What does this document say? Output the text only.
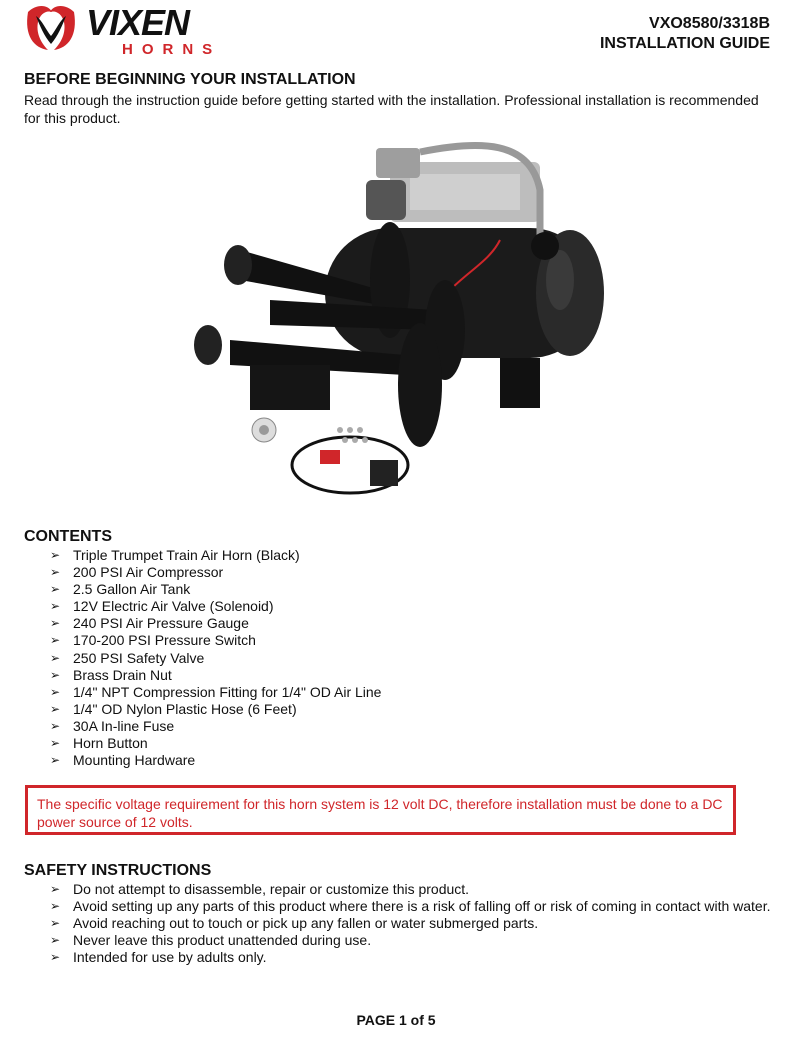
VIXEN
HORNS
VXO8580/3318B
INSTALLATION GUIDE
BEFORE BEGINNING YOUR INSTALLATION

Read through the instruction guide before getting started with the installation. Professional installation is recommended for this product.

CONTENTS
➢ Triple Trumpet Train Air Horn (Black)
➢ 200 PSI Air Compressor
➢ 2.5 Gallon Air Tank
➢ 12V Electric Air Valve (Solenoid)
➢ 240 PSI Air Pressure Gauge
➢ 170-200 PSI Pressure Switch
➢ 250 PSI Safety Valve
➢ Brass Drain Nut
➢ 1/4" NPT Compression Fitting for 1/4" OD Air Line
➢ 1/4" OD Nylon Plastic Hose (6 Feet)
➢ 30A In-line Fuse
➢ Horn Button
➢ Mounting Hardware
The specific voltage requirement for this horn system is 12 volt DC, therefore installation must be done to a DC power source of 12 volts.
SAFETY INSTRUCTIONS
➢ Do not attempt to disassemble, repair or customize this product.
➢ Avoid setting up any parts of this product where there is a risk of falling off or risk of coming in contact with water.
➢ Avoid reaching out to touch or pick up any fallen or water submerged parts.
➢ Never leave this product unattended during use.
➢ Intended for use by adults only.
PAGE 1 of 5
